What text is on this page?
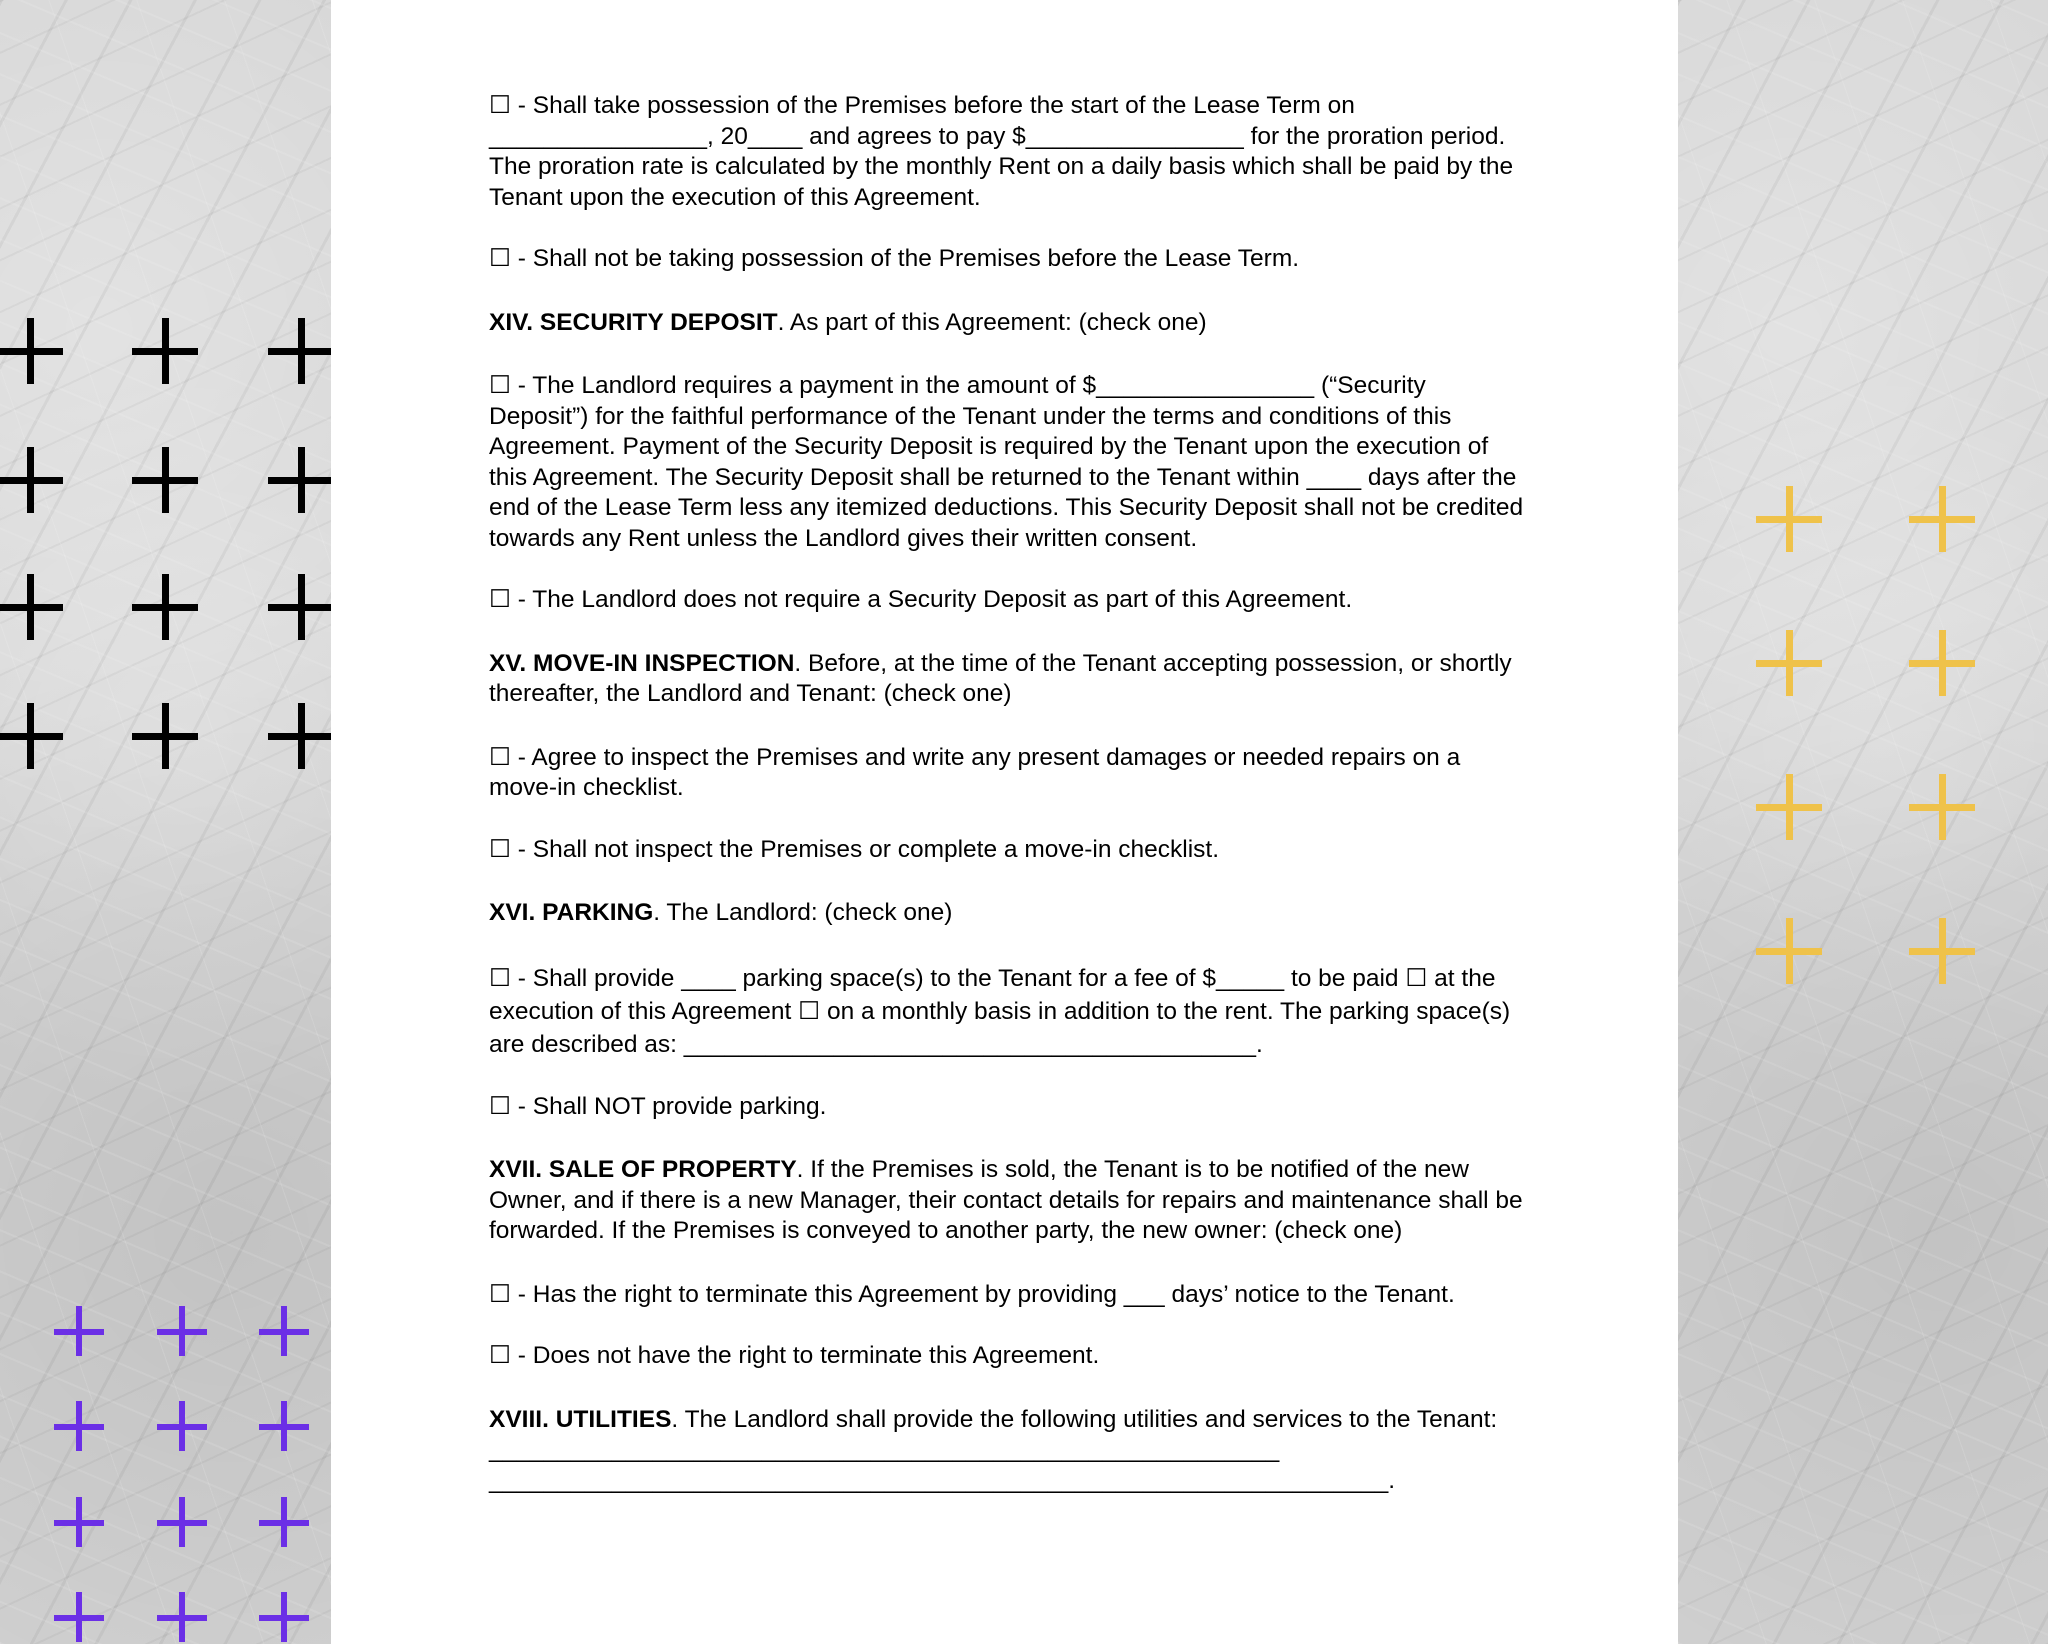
☐ - Shall take possession of the Premises before the start of the Lease Term on ________________, 20____ and agrees to pay $________________ for the proration period. The proration rate is calculated by the monthly Rent on a daily basis which shall be paid by the Tenant upon the execution of this Agreement.

☐ - Shall not be taking possession of the Premises before the Lease Term.

XIV. SECURITY DEPOSIT. As part of this Agreement: (check one)

☐ - The Landlord requires a payment in the amount of $________________ (“Security Deposit”) for the faithful performance of the Tenant under the terms and conditions of this Agreement. Payment of the Security Deposit is required by the Tenant upon the execution of this Agreement. The Security Deposit shall be returned to the Tenant within ____ days after the end of the Lease Term less any itemized deductions. This Security Deposit shall not be credited towards any Rent unless the Landlord gives their written consent.

☐ - The Landlord does not require a Security Deposit as part of this Agreement.

XV. MOVE-IN INSPECTION. Before, at the time of the Tenant accepting possession, or shortly thereafter, the Landlord and Tenant: (check one)

☐ - Agree to inspect the Premises and write any present damages or needed repairs on a move-in checklist.

☐ - Shall not inspect the Premises or complete a move-in checklist.

XVI. PARKING. The Landlord: (check one)

☐ - Shall provide ____ parking space(s) to the Tenant for a fee of $_____ to be paid ☐ at the execution of this Agreement ☐ on a monthly basis in addition to the rent. The parking space(s) are described as: __________________________________________.

☐ - Shall NOT provide parking.

XVII. SALE OF PROPERTY. If the Premises is sold, the Tenant is to be notified of the new Owner, and if there is a new Manager, their contact details for repairs and maintenance shall be forwarded. If the Premises is conveyed to another party, the new owner: (check one)

☐ - Has the right to terminate this Agreement by providing ___ days’ notice to the Tenant.

☐ - Does not have the right to terminate this Agreement.

XVIII. UTILITIES. The Landlord shall provide the following utilities and services to the Tenant: __________________________________________________________ __________________________________________________________________.
